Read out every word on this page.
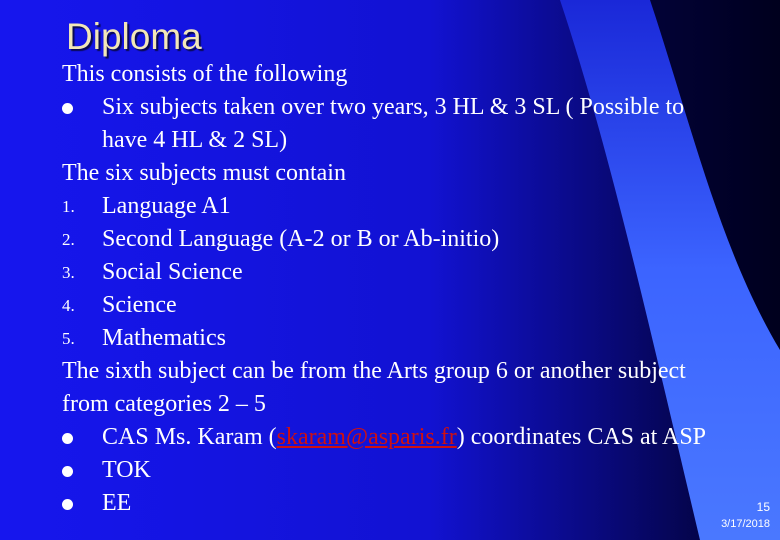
Diploma
This consists of the following
Six subjects taken over two years, 3 HL & 3 SL ( Possible to have 4 HL & 2 SL)
The six subjects must contain
1.	Language A1
2.	Second Language (A-2 or B or Ab-initio)
3.	Social Science
4.	Science
5.	Mathematics
The sixth subject can be from the Arts group 6 or another subject from categories 2 – 5
CAS Ms. Karam (skaram@asparis.fr) coordinates CAS at ASP
TOK
EE	15
3/17/2018
